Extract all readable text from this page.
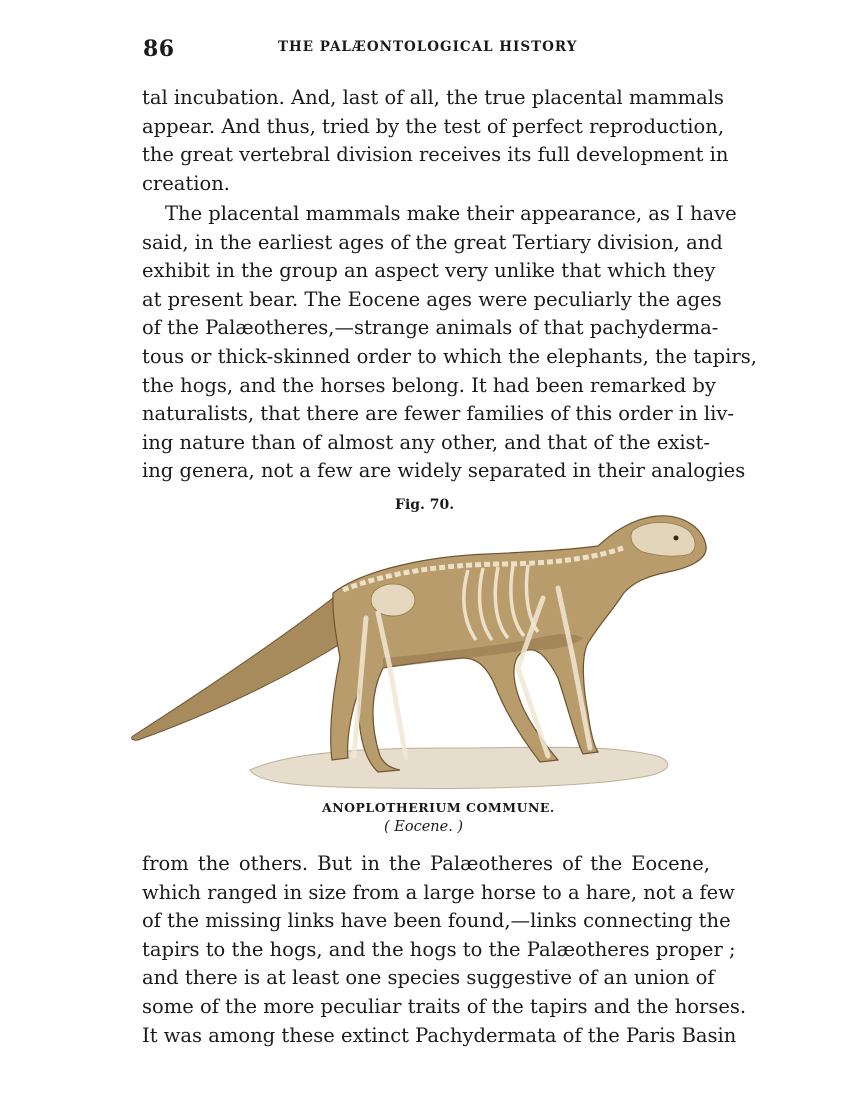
86	THE PALÆONTOLOGICAL HISTORY
tal incubation. And, last of all, the true placental mammals
appear. And thus, tried by the test of perfect reproduction,
the great vertebral division receives its full development in
creation.
The placental mammals make their appearance, as I have
said, in the earliest ages of the great Tertiary division, and
exhibit in the group an aspect very unlike that which they
at present bear. The Eocene ages were peculiarly the ages
of the Palæotheres,—strange animals of that pachyderma-
tous or thick-skinned order to which the elephants, the tapirs,
the hogs, and the horses belong. It had been remarked by
naturalists, that there are fewer families of this order in liv-
ing nature than of almost any other, and that of the exist-
ing genera, not a few are widely separated in their analogies
Fig. 70.
ANOPLOTHERIUM COMMUNE.
( Eocene. )
from the others. But in the Palæotheres of the Eocene,
which ranged in size from a large horse to a hare, not a few
of the missing links have been found,—links connecting the
tapirs to the hogs, and the hogs to the Palæotheres proper ;
and there is at least one species suggestive of an union of
some of the more peculiar traits of the tapirs and the horses.
It was among these extinct Pachydermata of the Paris Basin
